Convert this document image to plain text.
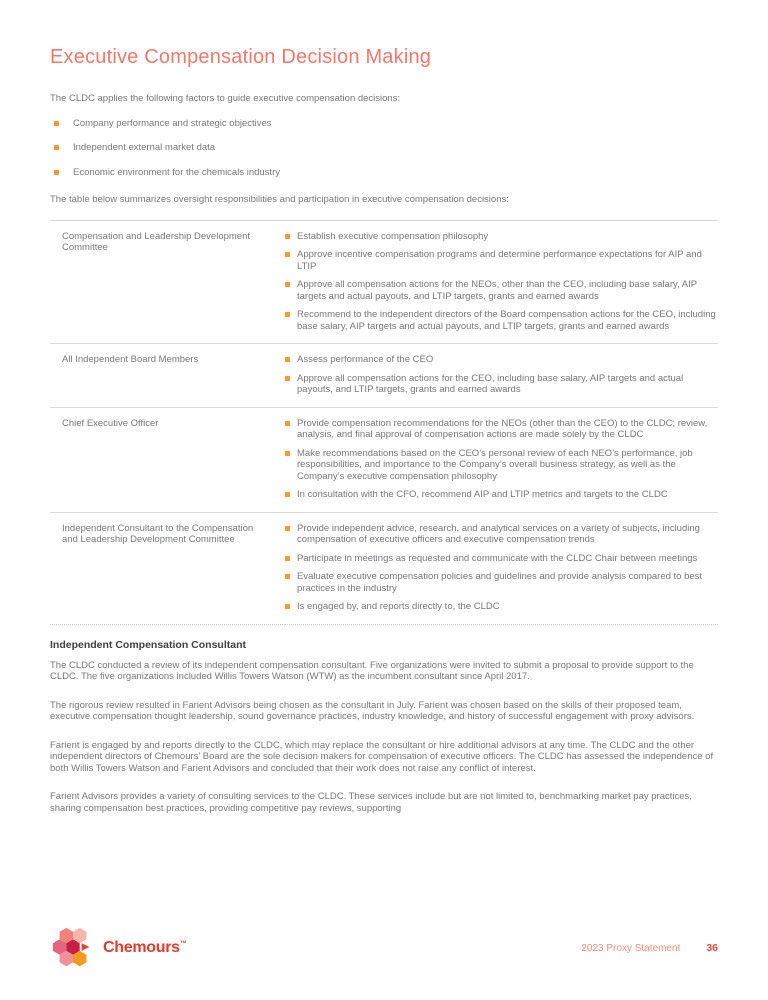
Executive Compensation Decision Making
The CLDC applies the following factors to guide executive compensation decisions:
Company performance and strategic objectives
Independent external market data
Economic environment for the chemicals industry
The table below summarizes oversight responsibilities and participation in executive compensation decisions:
Compensation and Leadership Development Committee	Establish executive compensation philosophy
Approve incentive compensation programs and determine performance expectations for AIP and LTIP
Approve all compensation actions for the NEOs, other than the CEO, including base salary, AIP targets and actual payouts, and LTIP targets, grants and earned awards
Recommend to the independent directors of the Board compensation actions for the CEO, including base salary, AIP targets and actual payouts, and LTIP targets, grants and earned awards

All Independent Board Members	Assess performance of the CEO
Approve all compensation actions for the CEO, including base salary, AIP targets and actual payouts, and LTIP targets, grants and earned awards

Chief Executive Officer	Provide compensation recommendations for the NEOs (other than the CEO) to the CLDC; review, analysis, and final approval of compensation actions are made solely by the CLDC
Make recommendations based on the CEO’s personal review of each NEO’s performance, job responsibilities, and importance to the Company’s overall business strategy, as well as the Company’s executive compensation philosophy
In consultation with the CFO, recommend AIP and LTIP metrics and targets to the CLDC

Independent Consultant to the Compensation and Leadership Development Committee	Provide independent advice, research, and analytical services on a variety of subjects, including compensation of executive officers and executive compensation trends
Participate in meetings as requested and communicate with the CLDC Chair between meetings
Evaluate executive compensation policies and guidelines and provide analysis compared to best practices in the industry
Is engaged by, and reports directly to, the CLDC
Independent Compensation Consultant
The CLDC conducted a review of its independent compensation consultant. Five organizations were invited to submit a proposal to provide support to the CLDC. The five organizations included Willis Towers Watson (WTW) as the incumbent consultant since April 2017.
The rigorous review resulted in Farient Advisors being chosen as the consultant in July. Farient was chosen based on the skills of their proposed team, executive compensation thought leadership, sound governance practices, industry knowledge, and history of successful engagement with proxy advisors.
Farient is engaged by and reports directly to the CLDC, which may replace the consultant or hire additional advisors at any time. The CLDC and the other independent directors of Chemours’ Board are the sole decision makers for compensation of executive officers. The CLDC has assessed the independence of both Willis Towers Watson and Farient Advisors and concluded that their work does not raise any conflict of interest.
Farient Advisors provides a variety of consulting services to the CLDC. These services include but are not limited to, benchmarking market pay practices, sharing compensation best practices, providing competitive pay reviews, supporting
Chemours™	2023 Proxy Statement 36
